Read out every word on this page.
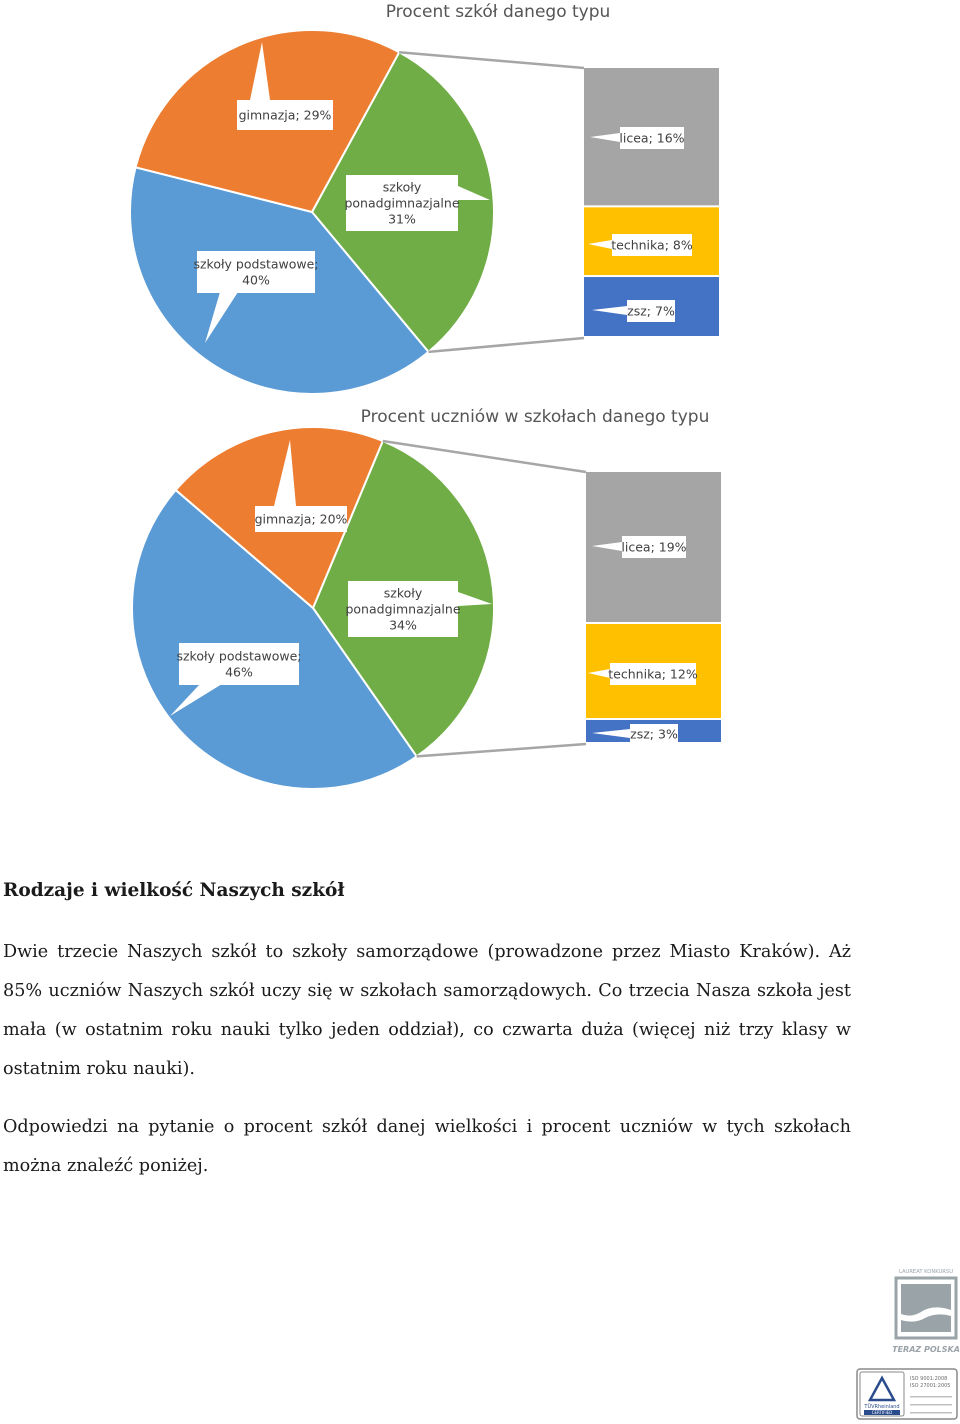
Procent szkół danego typu
szkoły podstawowe;
40%
gimnazja; 29%
szkoły
ponadgimnazjalne
31%
licea; 16%
technika; 8%
zsz; 7%
Procent uczniów w szkołach danego typu
szkoły podstawowe;
46%
gimnazja; 20%
szkoły
ponadgimnazjalne
34%
licea; 19%
technika; 12%
zsz; 3%
Rodzaje i wielkość Naszych szkół

Dwie trzecie Naszych szkół to szkoły samorządowe (prowadzone przez Miasto Kraków). Aż 85% uczniów Naszych szkół uczy się w szkołach samorządowych. Co trzecia Nasza szkoła jest mała (w ostatnim roku nauki tylko jeden oddział), co czwarta duża (więcej niż trzy klasy w ostatnim roku nauki).

Odpowiedzi na pytanie o procent szkół danej wielkości i procent uczniów w tych szkołach można znaleźć poniżej.

LAUREAT KONKURSU
TERAZ POLSKA
TÜVRheinland
CERTIFIED
ISO 9001:2008
ISO 27001:2005
